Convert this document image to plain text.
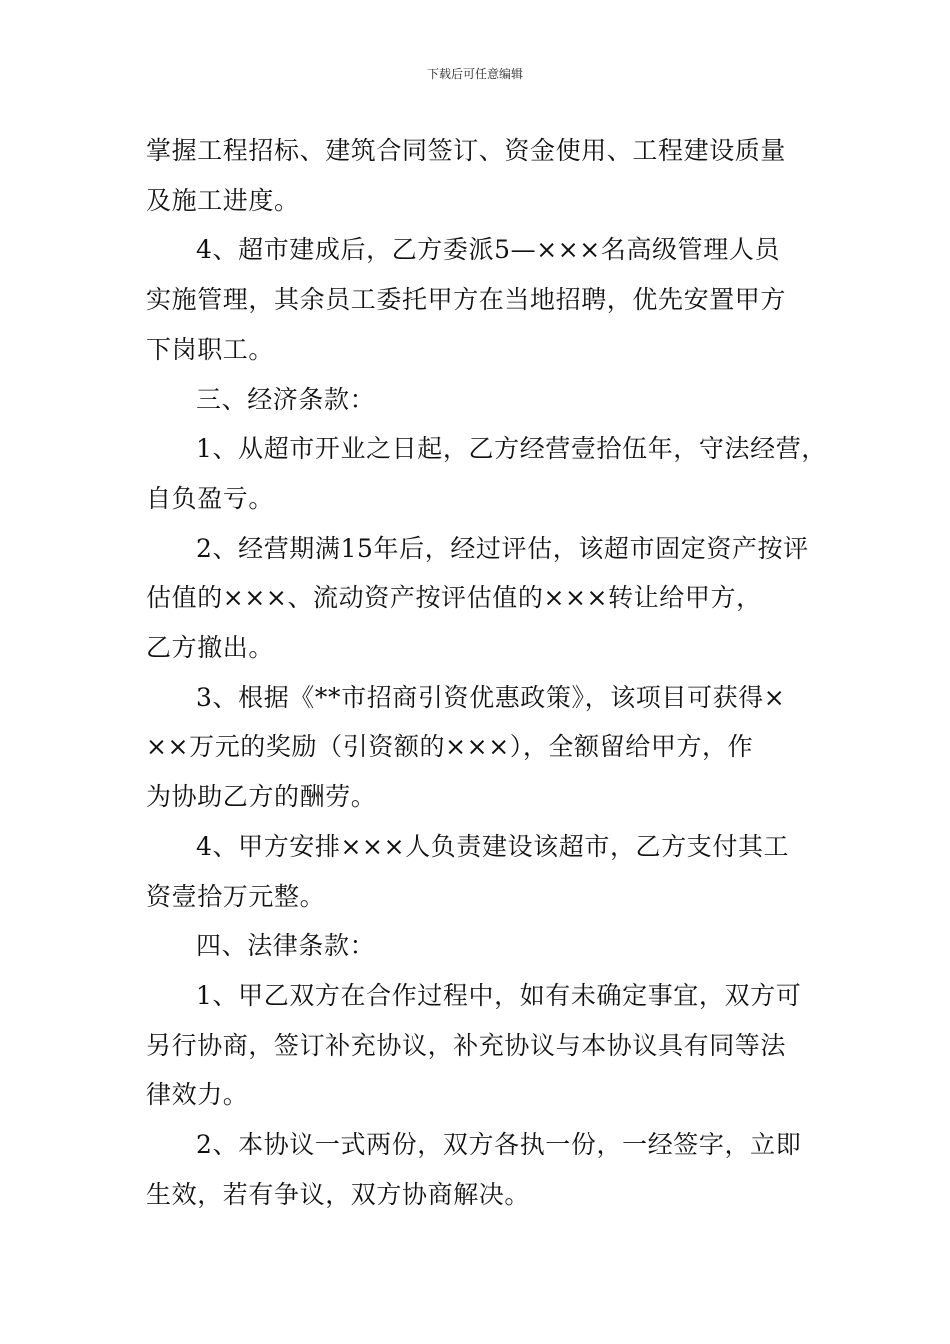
下载后可任意编辑

掌握工程招标、建筑合同签订、资金使用、工程建设质量
及施工进度。

4、超市建成后，乙方委派5—×××名高级管理人员
实施管理，其余员工委托甲方在当地招聘，优先安置甲方
下岗职工。

三、经济条款：

1、从超市开业之日起，乙方经营壹拾伍年，守法经营，
自负盈亏。

2、经营期满15年后，经过评估，该超市固定资产按评
估值的×××、流动资产按评估值的×××转让给甲方，
乙方撤出。

3、根据《**市招商引资优惠政策》，该项目可获得×
××万元的奖励（引资额的×××），全额留给甲方，作
为协助乙方的酬劳。

4、甲方安排×××人负责建设该超市，乙方支付其工
资壹拾万元整。

四、法律条款：

1、甲乙双方在合作过程中，如有未确定事宜，双方可
另行协商，签订补充协议，补充协议与本协议具有同等法
律效力。

2、本协议一式两份，双方各执一份，一经签字，立即
生效，若有争议，双方协商解决。
